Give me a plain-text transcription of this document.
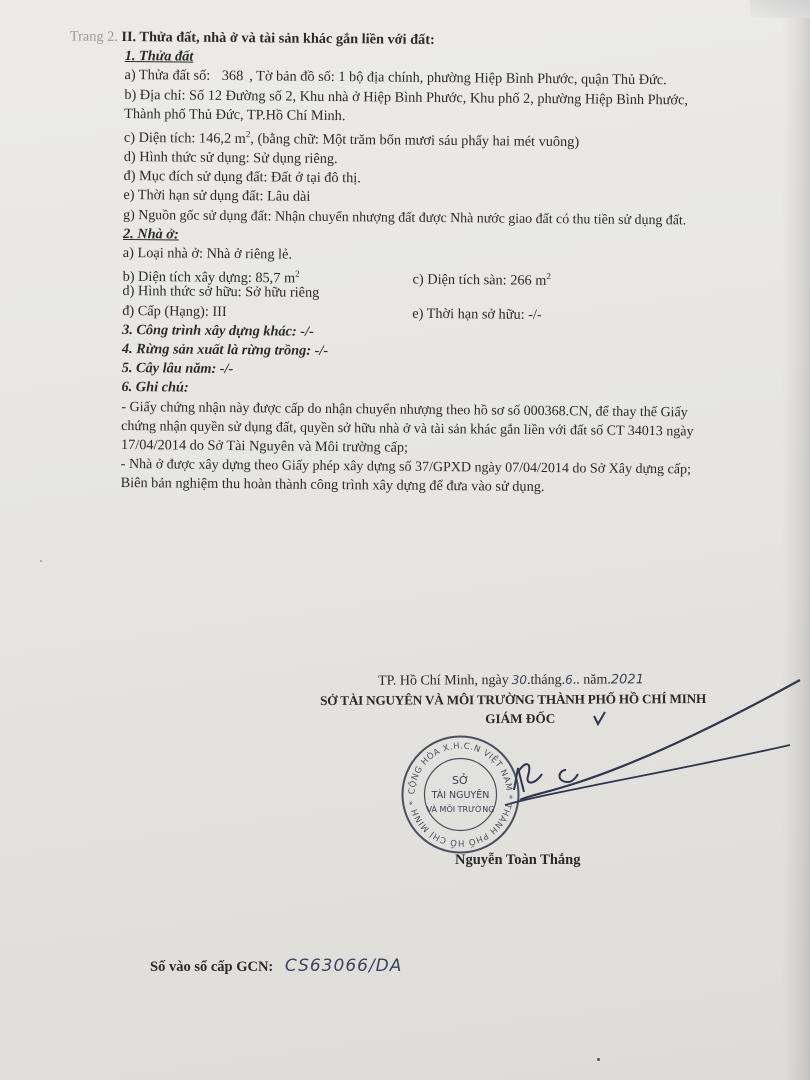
Trang 2. II. Thửa đất, nhà ở và tài sản khác gắn liền với đất:
1. Thửa đất
a) Thửa đất số: 368 , Tờ bản đồ số: 1 bộ địa chính, phường Hiệp Bình Phước, quận Thủ Đức.
b) Địa chỉ: Số 12 Đường số 2, Khu nhà ở Hiệp Bình Phước, Khu phố 2, phường Hiệp Bình Phước,
Thành phố Thủ Đức, TP.Hồ Chí Minh.
c) Diện tích: 146,2 $m^2$, (bằng chữ: Một trăm bốn mươi sáu phẩy hai mét vuông)
d) Hình thức sử dụng: Sử dụng riêng.
đ) Mục đích sử dụng đất: Đất ở tại đô thị.
e) Thời hạn sử dụng đất: Lâu dài
g) Nguồn gốc sử dụng đất: Nhận chuyển nhượng đất được Nhà nước giao đất có thu tiền sử dụng đất.
2. Nhà ở:
a) Loại nhà ở: Nhà ở riêng lẻ.
b) Diện tích xây dựng: 85,7 $m^2$	c) Diện tích sàn: 266 $m^2$
d) Hình thức sở hữu: Sở hữu riêng
đ) Cấp (Hạng): III	e) Thời hạn sở hữu: -/-
3. Công trình xây dựng khác: -/-
4. Rừng sản xuất là rừng trồng: -/-
5. Cây lâu năm: -/-
6. Ghi chú:
- Giấy chứng nhận này được cấp do nhận chuyển nhượng theo hồ sơ số 000368.CN, để thay thế Giấy
chứng nhận quyền sử dụng đất, quyền sở hữu nhà ở và tài sản khác gắn liền với đất số CT 34013 ngày
17/04/2014 do Sở Tài Nguyên và Môi trường cấp;
- Nhà ở được xây dựng theo Giấy phép xây dựng số 37/GPXD ngày 07/04/2014 do Sở Xây dựng cấp;
Biên bản nghiệm thu hoàn thành công trình xây dựng để đưa vào sử dụng.
TP. Hồ Chí Minh, ngày 30.tháng.6.. năm.2021
SỞ TÀI NGUYÊN VÀ MÔI TRƯỜNG THÀNH PHỐ HỒ CHÍ MINH
GIÁM ĐỐC
CỘNG HÒA X.H.C.N VIỆT NAM * THÀNH PHỐ HỒ CHÍ MINH *
SỞ
TÀI NGUYÊN
VÀ MÔI TRƯỜNG
Nguyễn Toàn Thắng
Số vào sổ cấp GCN: CS63066/DA
